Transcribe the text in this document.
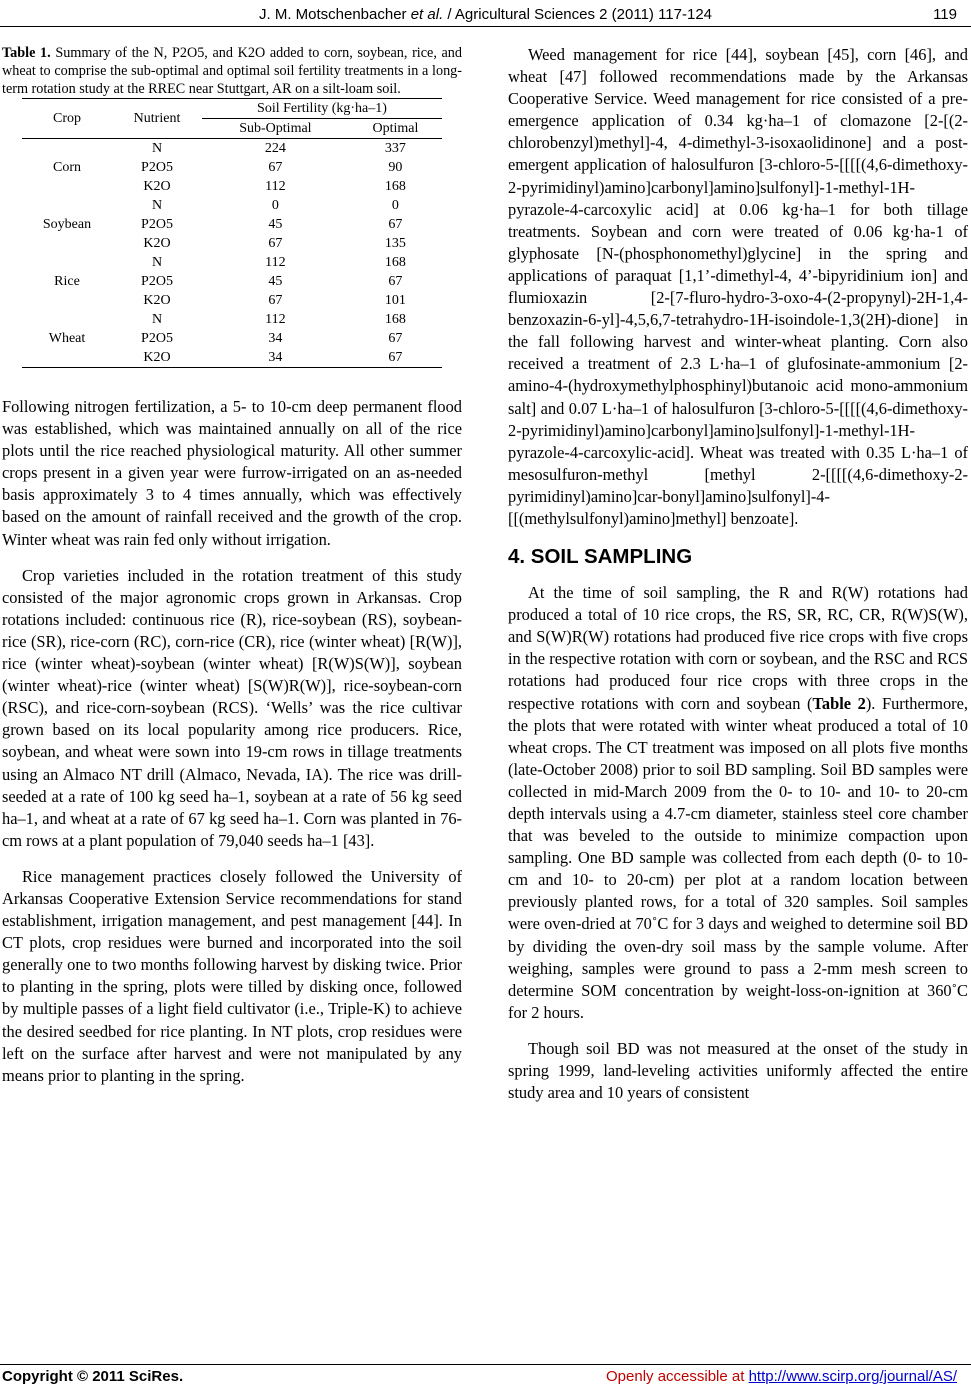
J. M. Motschenbacher et al. / Agricultural Sciences 2 (2011) 117-124	119

Table 1. Summary of the N, P2O5, and K2O added to corn, soybean, rice, and wheat to comprise the sub-optimal and optimal soil fertility treatments in a long-term rotation study at the RREC near Stuttgart, AR on a silt-loam soil.

Crop	Nutrient	Soil Fertility (kg·ha–1)	
		Sub-Optimal	Optimal
Corn	N	224	337
	P2O5	67	90
	K2O	112	168
Soybean	N	0	0
	P2O5	45	67
	K2O	67	135
Rice	N	112	168
	P2O5	45	67
	K2O	67	101
Wheat	N	112	168
	P2O5	34	67
	K2O	34	67

Following nitrogen fertilization, a 5- to 10-cm deep permanent flood was established, which was maintained annually on all of the rice plots until the rice reached physiological maturity. All other summer crops present in a given year were furrow-irrigated on an as-needed basis approximately 3 to 4 times annually, which was effectively based on the amount of rainfall received and the growth of the crop. Winter wheat was rain fed only without irrigation.

Crop varieties included in the rotation treatment of this study consisted of the major agronomic crops grown in Arkansas. Crop rotations included: continuous rice (R), rice-soybean (RS), soybean-rice (SR), rice-corn (RC), corn-rice (CR), rice (winter wheat) [R(W)], rice (winter wheat)-soybean (winter wheat) [R(W)S(W)], soybean (winter wheat)-rice (winter wheat) [S(W)R(W)], rice-soybean-corn (RSC), and rice-corn-soybean (RCS). ‘Wells’ was the rice cultivar grown based on its local popularity among rice producers. Rice, soybean, and wheat were sown into 19-cm rows in tillage treatments using an Almaco NT drill (Almaco, Nevada, IA). The rice was drill-seeded at a rate of 100 kg seed ha–1, soybean at a rate of 56 kg seed ha–1, and wheat at a rate of 67 kg seed ha–1. Corn was planted in 76-cm rows at a plant population of 79,040 seeds ha–1 [43].

Rice management practices closely followed the University of Arkansas Cooperative Extension Service recommendations for stand establishment, irrigation management, and pest management [44]. In CT plots, crop residues were burned and incorporated into the soil generally one to two months following harvest by disking twice. Prior to planting in the spring, plots were tilled by disking once, followed by multiple passes of a light field cultivator (i.e., Triple-K) to achieve the desired seedbed for rice planting. In NT plots, crop residues were left on the surface after harvest and were not manipulated by any means prior to planting in the spring.

Weed management for rice [44], soybean [45], corn [46], and wheat [47] followed recommendations made by the Arkansas Cooperative Service. Weed management for rice consisted of a pre-emergence application of 0.34 kg·ha–1 of clomazone [2-[(2-chlorobenzyl)methyl]-4, 4-dimethyl-3-isoxaolidinone] and a post-emergent application of halosulfuron [3-chloro-5-[[[[(4,6-dimethoxy-2-pyrimidinyl)amino]carbonyl]amino]sulfonyl]-1-methyl-1H-pyrazole-4-carcoxylic acid] at 0.06 kg·ha–1 for both tillage treatments. Soybean and corn were treated of 0.06 kg·ha-1 of glyphosate [N-(phosphonomethyl)glycine] in the spring and applications of paraquat [1,1’-dimethyl-4, 4’-bipyridinium ion] and flumioxazin [2-[7-fluro-hydro-3-oxo-4-(2-propynyl)-2H-1,4-benzoxazin-6-yl]-4,5,6,7-tetrahydro-1H-isoindole-1,3(2H)-dione] in the fall following harvest and winter-wheat planting. Corn also received a treatment of 2.3 L·ha–1 of glufosinate-ammonium [2-amino-4-(hydroxymethylphosphinyl)butanoic acid mono-ammonium salt] and 0.07 L·ha–1 of halosulfuron [3-chloro-5-[[[[(4,6-dimethoxy-2-pyrimidinyl)amino]carbonyl]amino]sulfonyl]-1-methyl-1H-pyrazole-4-carcoxylic-acid]. Wheat was treated with 0.35 L·ha–1 of mesosulfuron-methyl [methyl 2-[[[[(4,6-dimethoxy-2-pyrimidinyl)amino]car-bonyl]amino]sulfonyl]-4-[[(methylsulfonyl)amino]methyl] benzoate].

4. SOIL SAMPLING

At the time of soil sampling, the R and R(W) rotations had produced a total of 10 rice crops, the RS, SR, RC, CR, R(W)S(W), and S(W)R(W) rotations had produced five rice crops with five crops in the respective rotation with corn or soybean, and the RSC and RCS rotations had produced four rice crops with three crops in the respective rotations with corn and soybean (Table 2). Furthermore, the plots that were rotated with winter wheat produced a total of 10 wheat crops. The CT treatment was imposed on all plots five months (late-October 2008) prior to soil BD sampling. Soil BD samples were collected in mid-March 2009 from the 0- to 10- and 10- to 20-cm depth intervals using a 4.7-cm diameter, stainless steel core chamber that was beveled to the outside to minimize compaction upon sampling. One BD sample was collected from each depth (0- to 10-cm and 10- to 20-cm) per plot at a random location between previously planted rows, for a total of 320 samples. Soil samples were oven-dried at 70˚C for 3 days and weighed to determine soil BD by dividing the oven-dry soil mass by the sample volume. After weighing, samples were ground to pass a 2-mm mesh screen to determine SOM concentration by weight-loss-on-ignition at 360˚C for 2 hours.

Though soil BD was not measured at the onset of the study in spring 1999, land-leveling activities uniformly affected the entire study area and 10 years of consistent

Copyright © 2011 SciRes.	Openly accessible at http://www.scirp.org/journal/AS/
